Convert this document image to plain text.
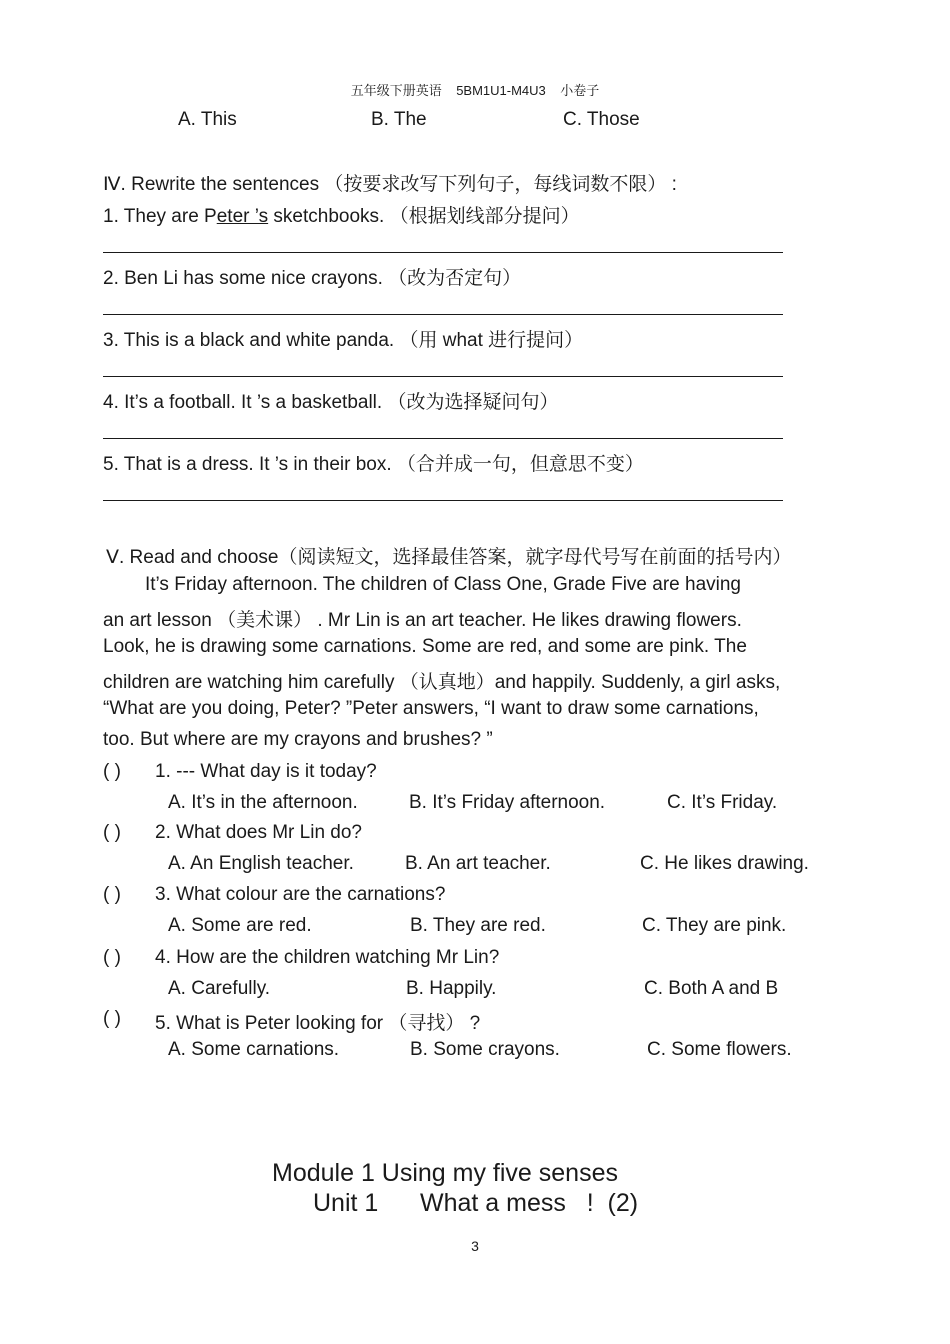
五年级下册英语    5BM1U1-M4U3    小卷子
A. This	B. The	C. Those
Ⅳ. Rewrite the sentences （按要求改写下列句子，每线词数不限） :
1. They are Peter ’s sketchbooks. （根据划线部分提问）
2. Ben Li has some nice crayons. （改为否定句）
3. This is a black and white panda. （用 what 进行提问）
4. It’s a football. It ’s a basketball. （改为选择疑问句）
5. That is a dress. It ’s in their box. （合并成一句，但意思不变）
Ⅴ. Read and choose（阅读短文，选择最佳答案，就字母代号写在前面的括号内）
It’s Friday afternoon. The children of Class One, Grade Five are having
an art lesson （美术课） . Mr Lin is an art teacher. He likes drawing flowers.
Look, he is drawing some carnations. Some are red, and some are pink. The
children are watching him carefully （认真地）and happily. Suddenly, a girl asks,
“What are you doing, Peter? ”Peter answers, “I want to draw some carnations,
too. But where are my crayons and brushes? ”
( ) 1. --- What day is it today?
A. It’s in the afternoon.	B. It’s Friday afternoon.	C. It’s Friday.
( ) 2. What does Mr Lin do?
A. An English teacher.	B. An art teacher.	C. He likes drawing.
( ) 3. What colour are the carnations?
A. Some are red.	B. They are red.	C. They are pink.
( ) 4. How are the children watching Mr Lin?
A. Carefully.	B. Happily.	C. Both A and B
( ) 5. What is Peter looking for （寻找） ?
A. Some carnations.	B. Some crayons.	C. Some flowers.
Module 1 Using my five senses
Unit 1      What a mess   !  (2)
3
